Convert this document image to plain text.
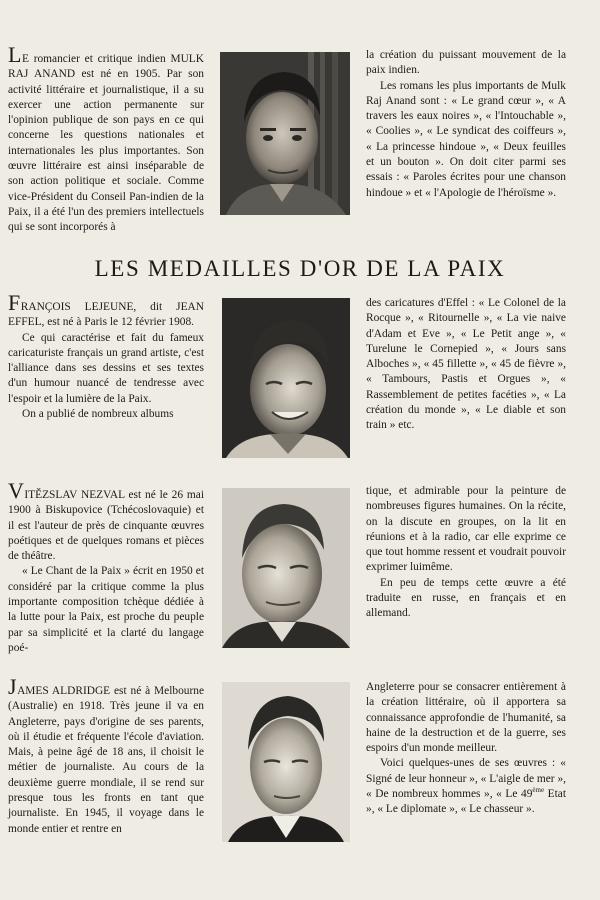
LE romancier et critique indien MULK RAJ ANAND est né en 1905. Par son activité littéraire et journalistique, il a su exercer une action permanente sur l'opinion publique de son pays en ce qui concerne les questions nationales et internationales les plus importantes. Son œuvre littéraire est ainsi inséparable de son action politique et sociale. Comme vice-Président du Conseil Pan-indien de la Paix, il a été l'un des premiers intellectuels qui se sont incorporés à

la création du puissant mouvement de la paix indien.

Les romans les plus importants de Mulk Raj Anand sont : « Le grand cœur », « A travers les eaux noires », « l'Intouchable », « Coolies », « Le syndicat des coiffeurs », « La princesse hindoue », « Deux feuilles et un bouton ». On doit citer parmi ses essais : « Paroles écrites pour une chanson hindoue » et « l'Apologie de l'héroïsme ».

LES MEDAILLES D'OR DE LA PAIX

FRANÇOIS LEJEUNE, dit JEAN EFFEL, est né à Paris le 12 février 1908.

Ce qui caractérise et fait du fameux caricaturiste français un grand artiste, c'est l'alliance dans ses dessins et ses textes d'un humour nuancé de tendresse avec l'espoir et la lumière de la Paix.

On a publié de nombreux albums

des caricatures d'Effel : « Le Colonel de la Rocque », « Ritournelle », « La vie naive d'Adam et Eve », « Le Petit ange », « Turelune le Cornepied », « Jours sans Alboches », « 45 fillette », « 45 de fièvre », « Tambours, Pastis et Orgues », « Rassemblement de petites facéties », « La création du monde », « Le diable et son train » etc.

VITĚZSLAV NEZVAL est né le 26 mai 1900 à Biskupovice (Tchécoslovaquie) et il est l'auteur de près de cinquante œuvres poétiques et de quelques romans et pièces de théâtre.

« Le Chant de la Paix » écrit en 1950 et considéré par la critique comme la plus importante composition tchèque dédiée à la lutte pour la Paix, est proche du peuple par sa simplicité et la clarté du langage poé-

tique, et admirable pour la peinture de nombreuses figures humaines. On la récite, on la discute en groupes, on la lit en réunions et à la radio, car elle exprime ce que tout homme ressent et voudrait pouvoir exprimer luimême.

En peu de temps cette œuvre a été traduite en russe, en français et en allemand.

JAMES ALDRIDGE est né à Melbourne (Australie) en 1918. Très jeune il va en Angleterre, pays d'origine de ses parents, où il étudie et fréquente l'école d'aviation. Mais, à peine âgé de 18 ans, il choisit le métier de journaliste. Au cours de la deuxième guerre mondiale, il se rend sur presque tous les fronts en tant que journaliste. En 1945, il voyage dans le monde entier et rentre en

Angleterre pour se consacrer entièrement à la création littéraire, où il apportera sa connaissance approfondie de l'humanité, sa haine de la destruction et de la guerre, ses espoirs d'un monde meilleur.

Voici quelques-unes de ses œuvres : « Signé de leur honneur », « L'aigle de mer », « De nombreux hommes », « Le 49ème Etat », « Le diplomate », « Le chasseur ».
